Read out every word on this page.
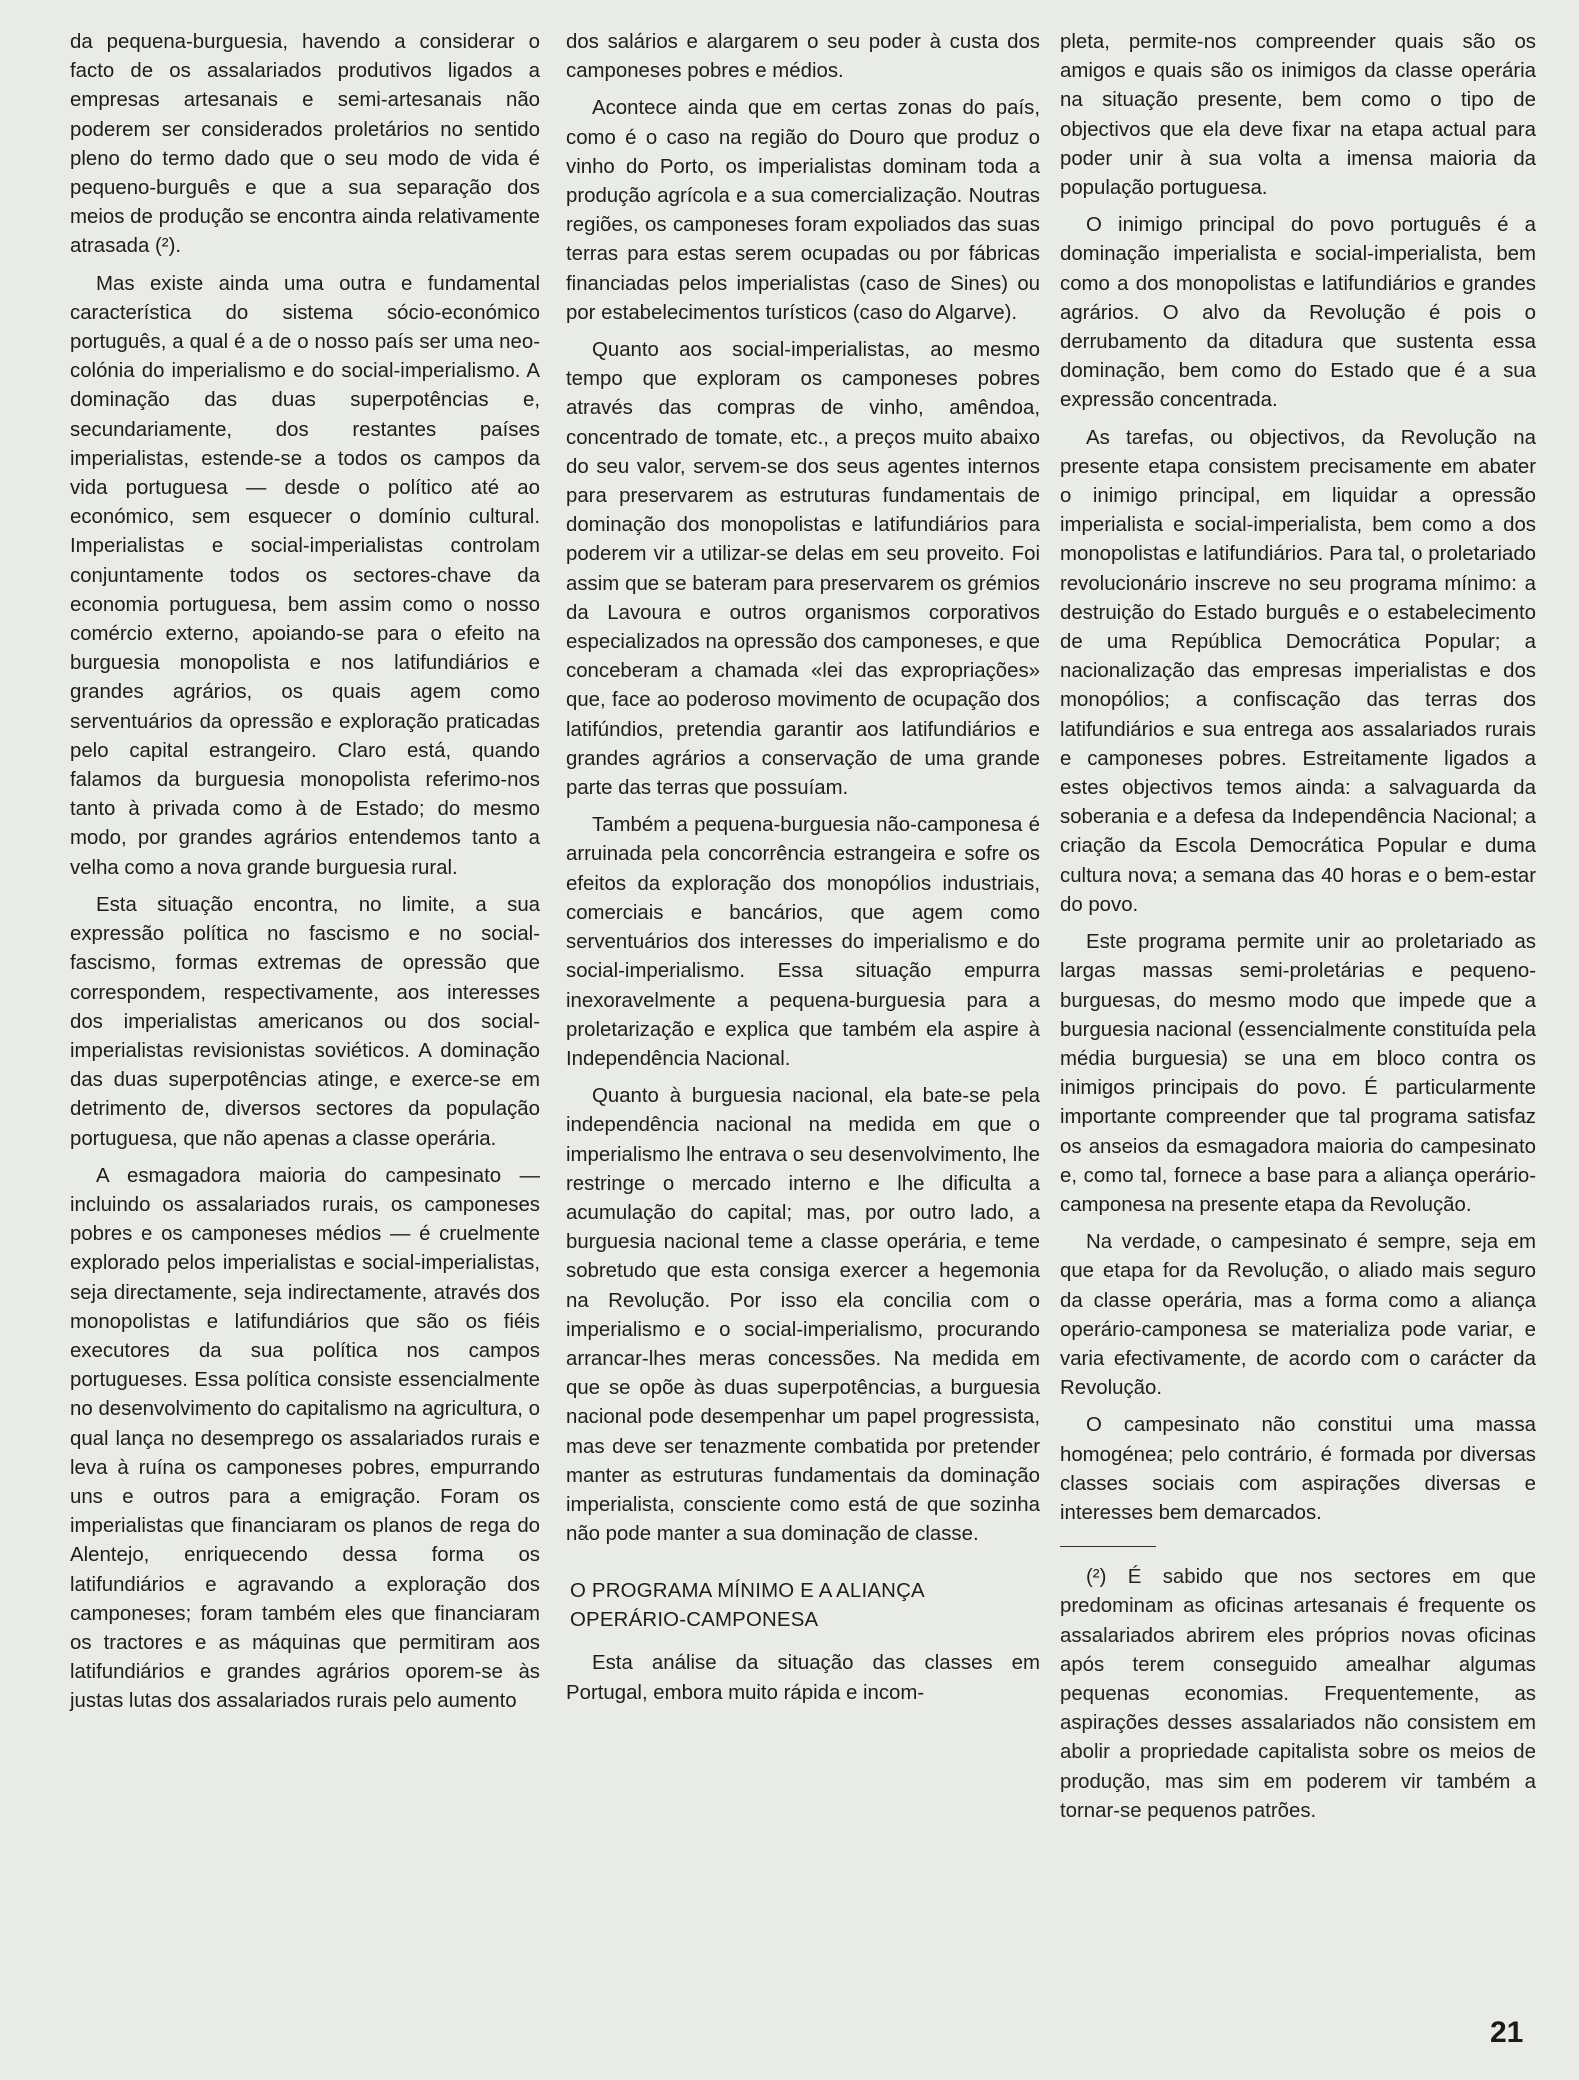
da pequena-burguesia, havendo a considerar o facto de os assalariados produtivos ligados a empresas artesanais e semi-artesanais não poderem ser considerados proletários no sentido pleno do termo dado que o seu modo de vida é pequeno-burguês e que a sua separação dos meios de produção se encontra ainda relativamente atrasada (²).

Mas existe ainda uma outra e fundamental característica do sistema sócio-económico português, a qual é a de o nosso país ser uma neo-colónia do imperialismo e do social-imperialismo. A dominação das duas superpotências e, secundariamente, dos restantes países imperialistas, estende-se a todos os campos da vida portuguesa — desde o político até ao económico, sem esquecer o domínio cultural. Imperialistas e social-imperialistas controlam conjuntamente todos os sectores-chave da economia portuguesa, bem assim como o nosso comércio externo, apoiando-se para o efeito na burguesia monopolista e nos latifundiários e grandes agrários, os quais agem como serventuários da opressão e exploração praticadas pelo capital estrangeiro. Claro está, quando falamos da burguesia monopolista referimo-nos tanto à privada como à de Estado; do mesmo modo, por grandes agrários entendemos tanto a velha como a nova grande burguesia rural.

Esta situação encontra, no limite, a sua expressão política no fascismo e no social-fascismo, formas extremas de opressão que correspondem, respectivamente, aos interesses dos imperialistas americanos ou dos social-imperialistas revisionistas soviéticos. A dominação das duas superpotências atinge, e exerce-se em detrimento de, diversos sectores da população portuguesa, que não apenas a classe operária.

A esmagadora maioria do campesinato — incluindo os assalariados rurais, os camponeses pobres e os camponeses médios — é cruelmente explorado pelos imperialistas e social-imperialistas, seja directamente, seja indirectamente, através dos monopolistas e latifundiários que são os fiéis executores da sua política nos campos portugueses. Essa política consiste essencialmente no desenvolvimento do capitalismo na agricultura, o qual lança no desemprego os assalariados rurais e leva à ruína os camponeses pobres, empurrando uns e outros para a emigração. Foram os imperialistas que financiaram os planos de rega do Alentejo, enriquecendo dessa forma os latifundiários e agravando a exploração dos camponeses; foram também eles que financiaram os tractores e as máquinas que permitiram aos latifundiários e grandes agrários oporem-se às justas lutas dos assalariados rurais pelo aumento

dos salários e alargarem o seu poder à custa dos camponeses pobres e médios.

Acontece ainda que em certas zonas do país, como é o caso na região do Douro que produz o vinho do Porto, os imperialistas dominam toda a produção agrícola e a sua comercialização. Noutras regiões, os camponeses foram expoliados das suas terras para estas serem ocupadas ou por fábricas financiadas pelos imperialistas (caso de Sines) ou por estabelecimentos turísticos (caso do Algarve).

Quanto aos social-imperialistas, ao mesmo tempo que exploram os camponeses pobres através das compras de vinho, amêndoa, concentrado de tomate, etc., a preços muito abaixo do seu valor, servem-se dos seus agentes internos para preservarem as estruturas fundamentais de dominação dos monopolistas e latifundiários para poderem vir a utilizar-se delas em seu proveito. Foi assim que se bateram para preservarem os grémios da Lavoura e outros organismos corporativos especializados na opressão dos camponeses, e que conceberam a chamada «lei das expropriações» que, face ao poderoso movimento de ocupação dos latifúndios, pretendia garantir aos latifundiários e grandes agrários a conservação de uma grande parte das terras que possuíam.

Também a pequena-burguesia não-camponesa é arruinada pela concorrência estrangeira e sofre os efeitos da exploração dos monopólios industriais, comerciais e bancários, que agem como serventuários dos interesses do imperialismo e do social-imperialismo. Essa situação empurra inexoravelmente a pequena-burguesia para a proletarização e explica que também ela aspire à Independência Nacional.

Quanto à burguesia nacional, ela bate-se pela independência nacional na medida em que o imperialismo lhe entrava o seu desenvolvimento, lhe restringe o mercado interno e lhe dificulta a acumulação do capital; mas, por outro lado, a burguesia nacional teme a classe operária, e teme sobretudo que esta consiga exercer a hegemonia na Revolução. Por isso ela concilia com o imperialismo e o social-imperialismo, procurando arrancar-lhes meras concessões. Na medida em que se opõe às duas superpotências, a burguesia nacional pode desempenhar um papel progressista, mas deve ser tenazmente combatida por pretender manter as estruturas fundamentais da dominação imperialista, consciente como está de que sozinha não pode manter a sua dominação de classe.

O PROGRAMA MÍNIMO E A ALIANÇA
OPERÁRIO-CAMPONESA

Esta análise da situação das classes em Portugal, embora muito rápida e incom-

pleta, permite-nos compreender quais são os amigos e quais são os inimigos da classe operária na situação presente, bem como o tipo de objectivos que ela deve fixar na etapa actual para poder unir à sua volta a imensa maioria da população portuguesa.

O inimigo principal do povo português é a dominação imperialista e social-imperialista, bem como a dos monopolistas e latifundiários e grandes agrários. O alvo da Revolução é pois o derrubamento da ditadura que sustenta essa dominação, bem como do Estado que é a sua expressão concentrada.

As tarefas, ou objectivos, da Revolução na presente etapa consistem precisamente em abater o inimigo principal, em liquidar a opressão imperialista e social-imperialista, bem como a dos monopolistas e latifundiários. Para tal, o proletariado revolucionário inscreve no seu programa mínimo: a destruição do Estado burguês e o estabelecimento de uma República Democrática Popular; a nacionalização das empresas imperialistas e dos monopólios; a confiscação das terras dos latifundiários e sua entrega aos assalariados rurais e camponeses pobres. Estreitamente ligados a estes objectivos temos ainda: a salvaguarda da soberania e a defesa da Independência Nacional; a criação da Escola Democrática Popular e duma cultura nova; a semana das 40 horas e o bem-estar do povo.

Este programa permite unir ao proletariado as largas massas semi-proletárias e pequeno-burguesas, do mesmo modo que impede que a burguesia nacional (essencialmente constituída pela média burguesia) se una em bloco contra os inimigos principais do povo. É particularmente importante compreender que tal programa satisfaz os anseios da esmagadora maioria do campesinato e, como tal, fornece a base para a aliança operário-camponesa na presente etapa da Revolução.

Na verdade, o campesinato é sempre, seja em que etapa for da Revolução, o aliado mais seguro da classe operária, mas a forma como a aliança operário-camponesa se materializa pode variar, e varia efectivamente, de acordo com o carácter da Revolução.

O campesinato não constitui uma massa homogénea; pelo contrário, é formada por diversas classes sociais com aspirações diversas e interesses bem demarcados.

(²) É sabido que nos sectores em que predominam as oficinas artesanais é frequente os assalariados abrirem eles próprios novas oficinas após terem conseguido amealhar algumas pequenas economias. Frequentemente, as aspirações desses assalariados não consistem em abolir a propriedade capitalista sobre os meios de produção, mas sim em poderem vir também a tornar-se pequenos patrões.

21
